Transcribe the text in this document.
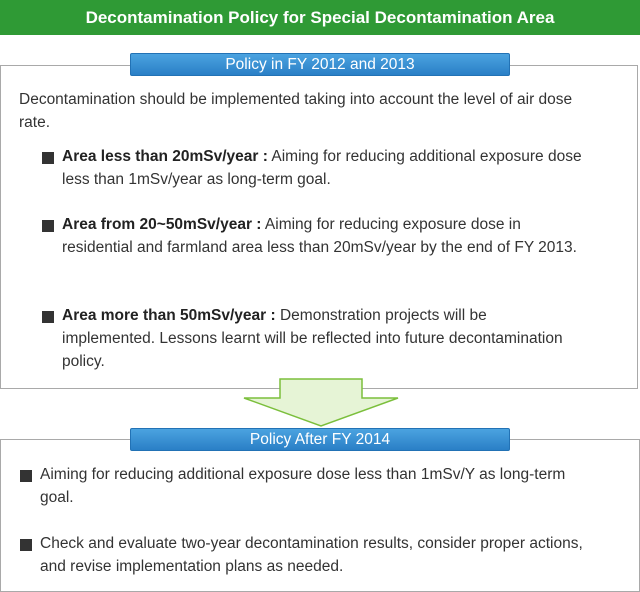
Decontamination Policy for Special Decontamination Area
Policy in FY 2012 and 2013
Decontamination should be implemented taking into account the level of air dose rate.
Area less than 20mSv/year : Aiming for reducing additional exposure dose less than 1mSv/year as long-term goal.
Area from 20~50mSv/year : Aiming for reducing exposure dose in residential and farmland area less than 20mSv/year by the end of FY 2013.
Area more than 50mSv/year : Demonstration projects will be implemented. Lessons learnt will be reflected into future decontamination policy.
Policy After FY 2014
Aiming for reducing additional exposure dose less than 1mSv/Y as long-term goal.
Check and evaluate two-year decontamination results, consider proper actions, and revise implementation plans as needed.
